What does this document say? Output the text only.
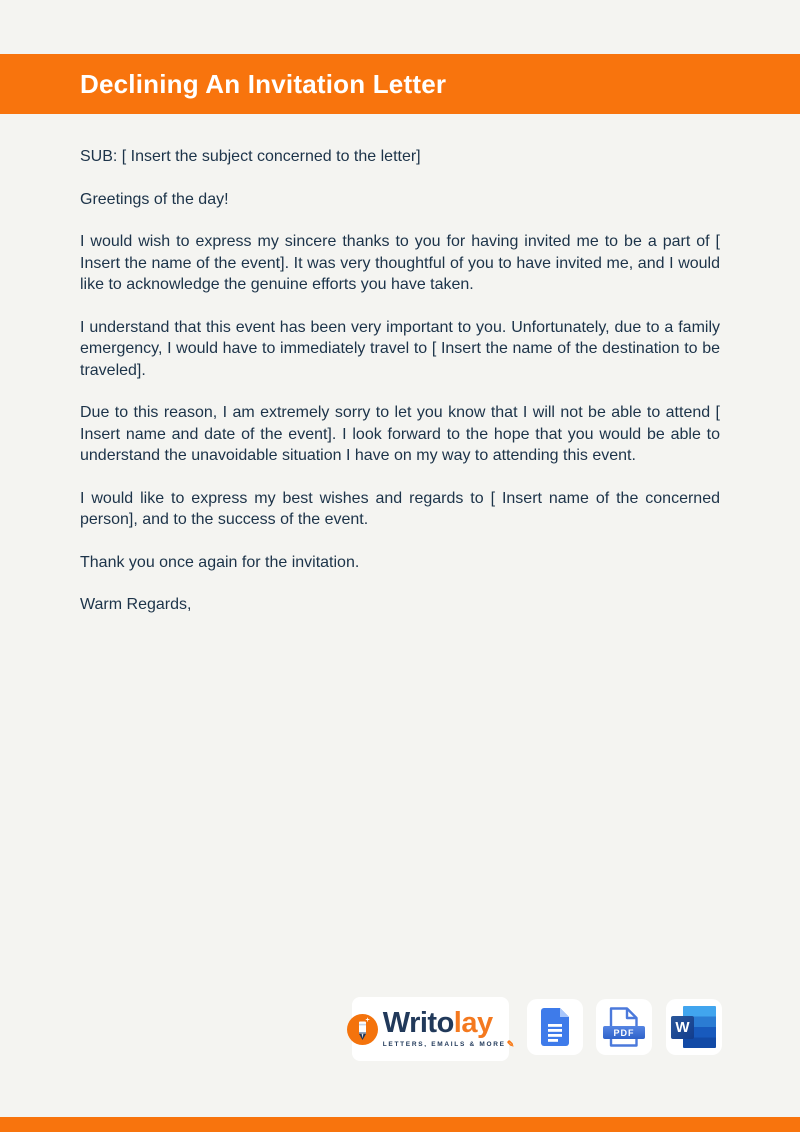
Declining An Invitation Letter

SUB: [ Insert the subject concerned to the letter]

Greetings of the day!

I would wish to express my sincere thanks to you for having invited me to be a part of [ Insert the name of the event]. It was very thoughtful of you to have invited me, and I would like to acknowledge the genuine efforts you have taken.

I understand that this event has been very important to you. Unfortunately, due to a family emergency, I would have to immediately travel to [ Insert the name of the destination to be traveled].

Due to this reason, I am extremely sorry to let you know that I will not be able to attend [ Insert name and date of the event]. I look forward to the hope that you would be able to understand the unavoidable situation I have on my way to attending this event.

I would like to express my best wishes and regards to [ Insert name of the concerned person], and to the success of the event.

Thank you once again for the invitation.

Warm Regards,

+ Writolay
LETTERS, EMAILS & MORE ✎
PDF	W
